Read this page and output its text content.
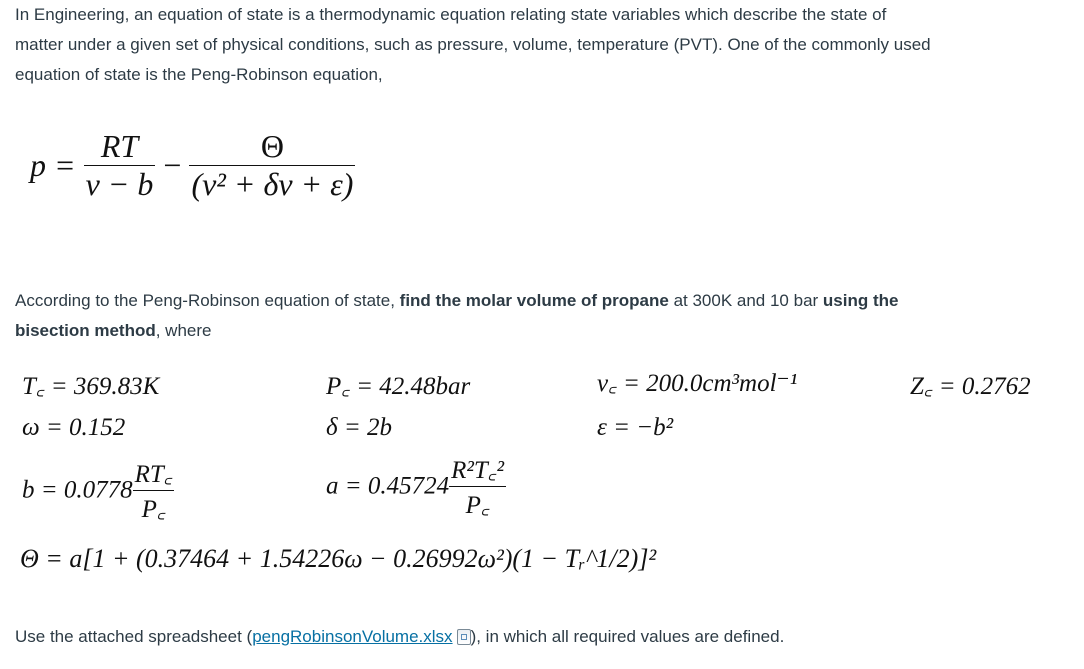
In Engineering, an equation of state is a thermodynamic equation relating state variables which describe the state of
matter under a given set of physical conditions, such as pressure, volume, temperature (PVT). One of the commonly used
equation of state is the Peng-Robinson equation,

$p = \frac{RT}{v - b} - \frac{\Theta}{\text{(v² + δv + ε)}}$

According to the Peng-Robinson equation of state, find the molar volume of propane at 300K and 10 bar using the
bisection method, where

T꜀ = 369.83K	P꜀ = 42.48bar	v꜀ = 200.0cm³mol⁻¹	Z꜀ = 0.2762
ω = 0.152	δ = 2b	ε = −b²
$b = 0.0778 \frac{RT꜀}{P꜀}$	$a = 0.45724 \frac{\text{R²T꜀²}}{P꜀}$
Θ = a[1 + (0.37464 + 1.54226ω − 0.26992ω²)(1 − Tᵣ^1/2)]²

Use the attached spreadsheet (pengRobinsonVolume.xlsx ), in which all required values are defined.
